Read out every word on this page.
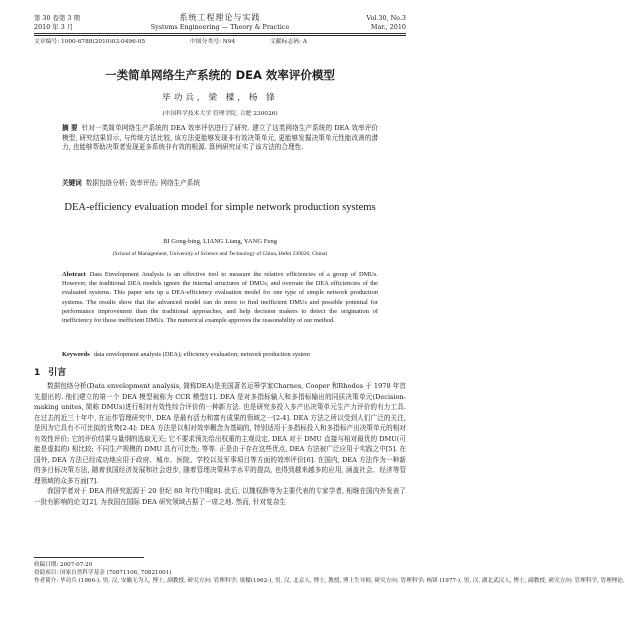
第 30 卷第 3 期	系统工程理论与实践	Vol.30, No.3
2010 年 3 月	Systems Engineering — Theory & Practice	Mar., 2010
文章编号: 1000-6788(2010)03-0496-05	中图分类号: N94	文献标志码: A
一类简单网络生产系统的 DEA 效率评价模型
毕功兵, 梁 樑, 杨 锋
(中国科学技术大学 管理学院, 合肥 230026)
摘 要 针对一类简单网络生产系统的 DEA 效率评估进行了研究. 建立了这类网络生产系统的 DEA 效率评价模型, 研究结果显示, 与传统方法比较, 该方法更能够发现非有效决策单元, 更能够发掘决策单元性能改善的潜力, 也能够帮助决策者发现更多系统非有效的根源. 算例研究证实了该方法的合理性.
关键词 数据包络分析; 效率评估; 网络生产系统
DEA-efficiency evaluation model for simple network production systems
BI Gong-bing, LIANG Liang, YANG Feng
(School of Management, University of Science and Technology of China, Hefei 230026, China)
Abstract Data Envelopment Analysis is an effective tool to measure the relative efficiencies of a group of DMUs. However, the traditional DEA models ignore the internal structures of DMUs, and overrate the DEA efficiencies of the evaluated systems. This paper sets up a DEA-efficiency evaluation model for one type of simple network production systems. The results show that the advanced model can do more to find inefficient DMUs and possible potential for performance improvement than the traditional approaches, and help decision makers to detect the origination of inefficiency for those inefficient DMUs. The numerical example approves the reasonability of our method.
Keywords data envelopment analysis (DEA); efficiency evaluation; network production system
1 引言

数据包络分析(Data envelopment analysis, 简称DEA)是美国著名运筹学家Charnes, Cooper 和Rhodes 于 1978 年首先提出的. 他们建立的第一个 DEA 模型被称为 CCR 模型[1]. DEA 是对多指标输入和多指标输出的同质决策单元(Decision-making unites, 简称 DMUs)进行相对有效性综合评价的一种新方法. 也是研究多投入多产出决策单元生产力评价的有力工具. 在过去的近三十年中, 在运作管理研究中, DEA 是最有活力和富有成果的领域之一[2-4]. DEA 方法之所以受到人们广泛的关注, 是因为它具有不可比拟的优势[2-4]: DEA 方法是以相对效率概念为基础的, 特别适用于多指标投入和多指标产出决策单元的相对有效性评价; 它的评价结果与量纲的选取无关; 它不要求预先给出权重的主观设定, DEA 对于 DMU 直接与相对最优的 DMU(可能是虚拟的) 相比较; 不同生产规模的 DMU 具有可比性; 等等. 正是由于存在这些优点, DEA 方法被广泛应用于实践之中[5]. 在国外, DEA 方法已经成功地应用于政府、城市、医院、学校以及军事项目等方面的效率评价[6]. 在国内, DEA 方法作为一种新的多目标决策方法, 随着我国经济发展和社会进步, 随着管理决策科学水平的提高, 也得到越来越多的应用, 涵盖社会、经济等管理领域的众多方面[7].

我国学者对于 DEA 的研究起源于 20 世纪 80 年代中期[8]. 此后, 以魏权龄等为主要代表的专家学者, 相继在国内外发表了一批有影响的论文[2], 为我国在国际 DEA 研究领域占据了一席之地. 然而, 针对复杂生

收稿日期: 2007-07-20
资助项目: 国家自然科学基金 (70871106, 70821001)
作者简介: 毕功兵 (1966-), 男, 汉, 安徽无为人, 博士, 副教授, 研究方向: 管理科学; 梁樑(1962-), 男, 汉, 北京人, 博士, 教授, 博士生导师, 研究方向: 管理科学; 杨锋 (1977-), 男, 汉, 湖北武汉人, 博士, 副教授, 研究方向: 管理科学, 管理理论.
